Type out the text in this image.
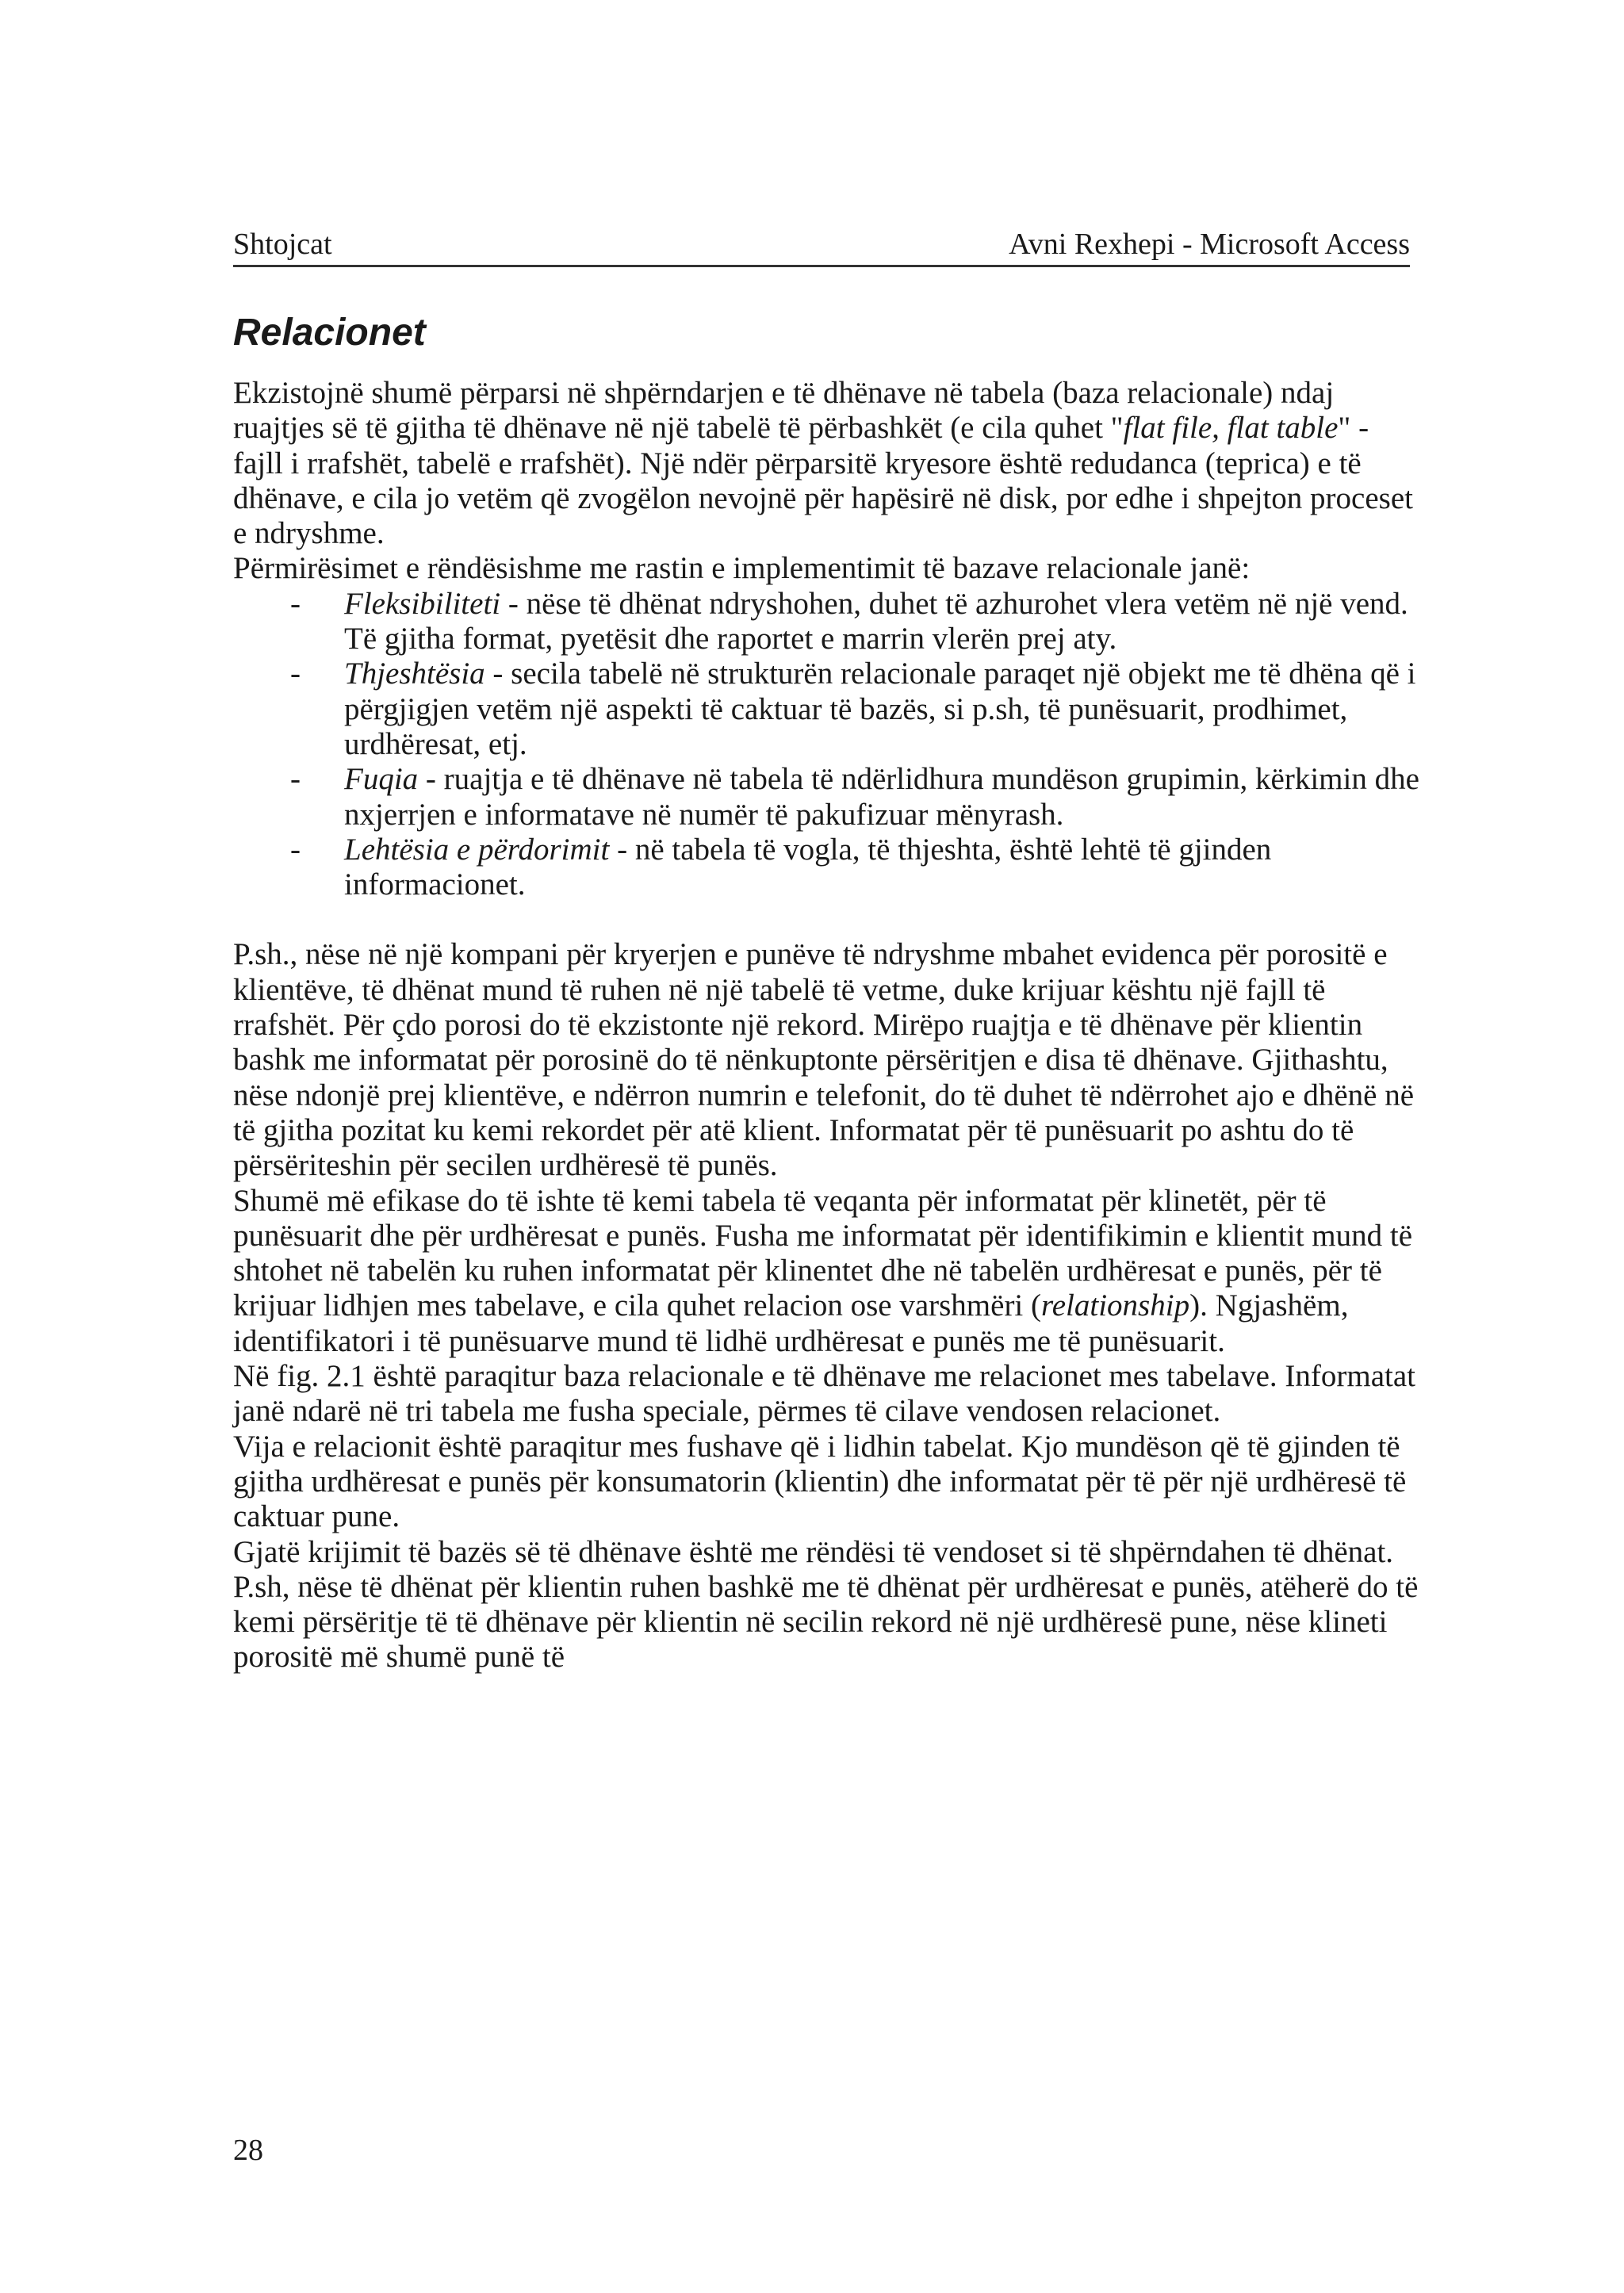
Shtojcat	Avni Rexhepi - Microsoft Access
Relacionet

Ekzistojnë shumë përparsi në shpërndarjen e të dhënave në tabela (baza relacionale) ndaj ruajtjes së të gjitha të dhënave në një tabelë të përbashkët (e cila quhet "flat file, flat table" - fajll i rrafshët, tabelë e rrafshët). Një ndër përparsitë kryesore është redudanca (teprica) e të dhënave, e cila jo vetëm që zvogëlon nevojnë për hapësirë në disk, por edhe i shpejton proceset e ndryshme.

Përmirësimet e rëndësishme me rastin e implementimit të bazave relacionale janë:

- Fleksibiliteti - nëse të dhënat ndryshohen, duhet të azhurohet vlera vetëm në një vend. Të gjitha format, pyetësit dhe raportet e marrin vlerën prej aty.
- Thjeshtësia - secila tabelë në strukturën relacionale paraqet një objekt me të dhëna që i përgjigjen vetëm një aspekti të caktuar të bazës, si p.sh, të punësuarit, prodhimet, urdhëresat, etj.
- Fuqia - ruajtja e të dhënave në tabela të ndërlidhura mundëson grupimin, kërkimin dhe nxjerrjen e informatave në numër të pakufizuar mënyrash.
- Lehtësia e përdorimit - në tabela të vogla, të thjeshta, është lehtë të gjinden informacionet.

P.sh., nëse në një kompani për kryerjen e punëve të ndryshme mbahet evidenca për porositë e klientëve, të dhënat mund të ruhen në një tabelë të vetme, duke krijuar kështu një fajll të rrafshët. Për çdo porosi do të ekzistonte një rekord. Mirëpo ruajtja e të dhënave për klientin bashk me informatat për porosinë do të nënkuptonte përsëritjen e disa të dhënave. Gjithashtu, nëse ndonjë prej klientëve, e ndërron numrin e telefonit, do të duhet të ndërrohet ajo e dhënë në të gjitha pozitat ku kemi rekordet për atë klient. Informatat për të punësuarit po ashtu do të përsëriteshin për secilen urdhëresë të punës.

Shumë më efikase do të ishte të kemi tabela të veqanta për informatat për klinetët, për të punësuarit dhe për urdhëresat e punës. Fusha me informatat për identifikimin e klientit mund të shtohet në tabelën ku ruhen informatat për klinentet dhe në tabelën urdhëresat e punës, për të krijuar lidhjen mes tabelave, e cila quhet relacion ose varshmëri (relationship). Ngjashëm, identifikatori i të punësuarve mund të lidhë urdhëresat e punës me të punësuarit.

Në fig. 2.1 është paraqitur baza relacionale e të dhënave me relacionet mes tabelave. Informatat janë ndarë në tri tabela me fusha speciale, përmes të cilave vendosen relacionet.

Vija e relacionit është paraqitur mes fushave që i lidhin tabelat. Kjo mundëson që të gjinden të gjitha urdhëresat e punës për konsumatorin (klientin) dhe informatat për të për një urdhëresë të caktuar pune.

Gjatë krijimit të bazës së të dhënave është me rëndësi të vendoset si të shpërndahen të dhënat. P.sh, nëse të dhënat për klientin ruhen bashkë me të dhënat për urdhëresat e punës, atëherë do të kemi përsëritje të të dhënave për klientin në secilin rekord në një urdhëresë pune, nëse klineti porositë më shumë punë të

28
